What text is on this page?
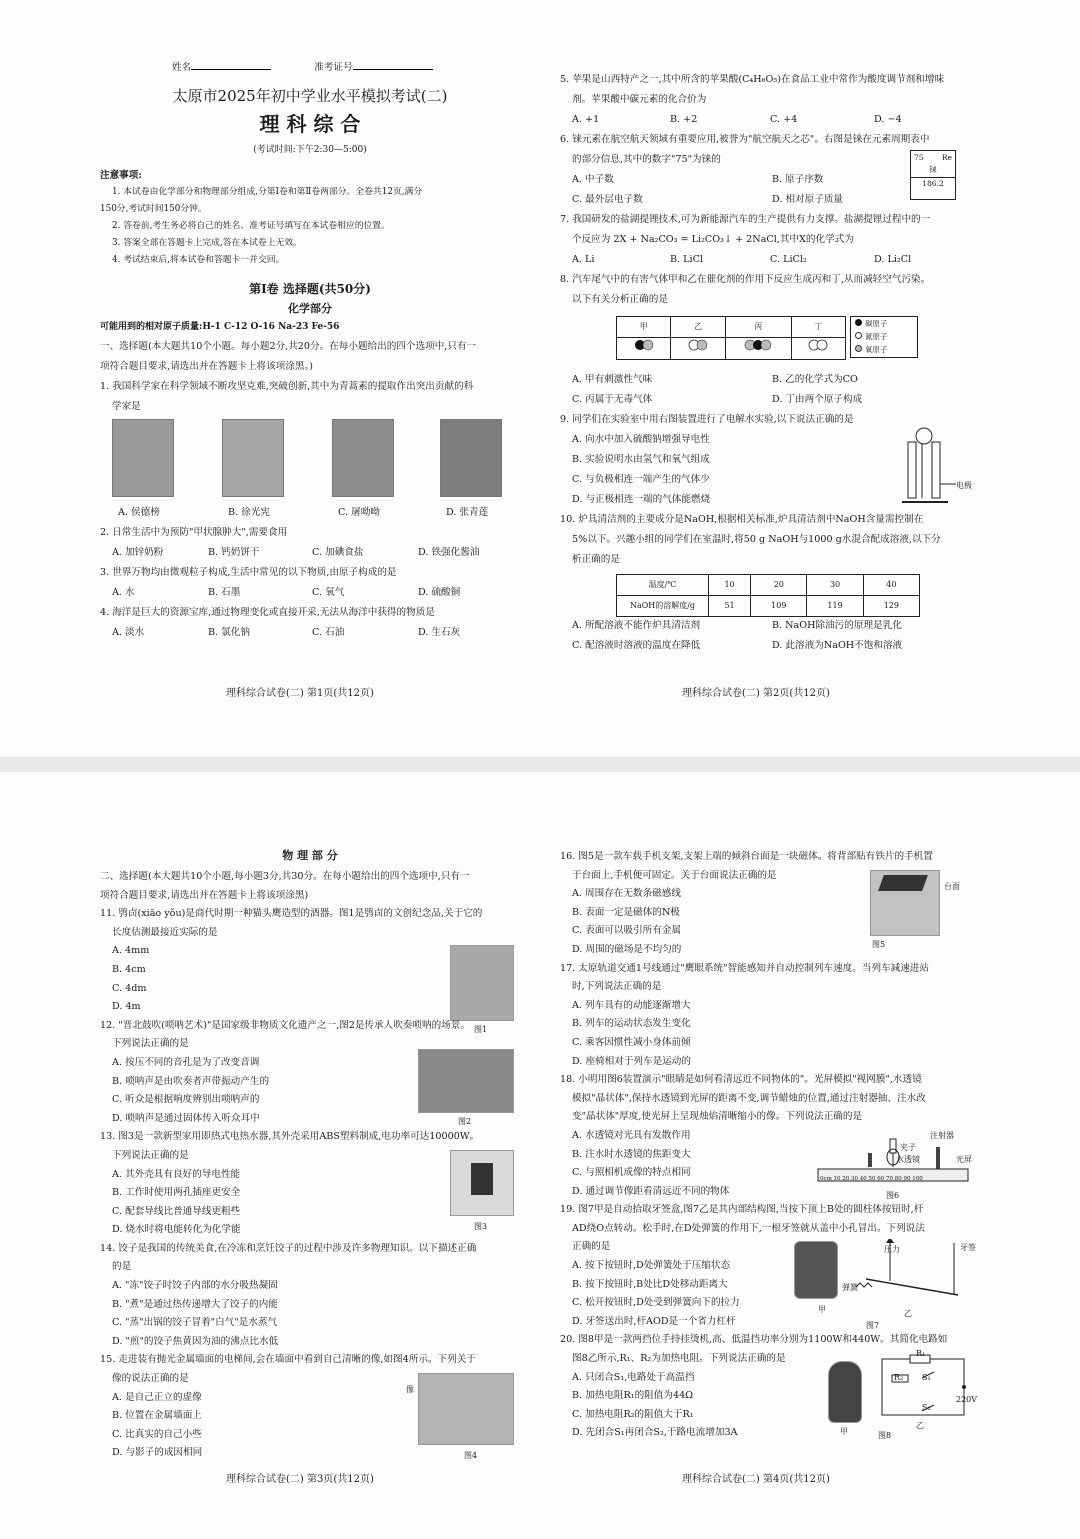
姓名	准考证号
太原市2025年初中学业水平模拟考试(二)
理 科 综 合
(考试时间:下午2:30—5:00)
注意事项:
1. 本试卷由化学部分和物理部分组成,分第Ⅰ卷和第Ⅱ卷两部分。全卷共12页,满分
150分,考试时间150分钟。
2. 答卷前,考生务必将自己的姓名、准考证号填写在本试卷相应的位置。
3. 答案全部在答题卡上完成,答在本试卷上无效。
4. 考试结束后,将本试卷和答题卡一并交回。
第Ⅰ卷 选择题(共50分)
化学部分
可能用到的相对原子质量:H-1 C-12 O-16 Na-23 Fe-56
一、选择题(本大题共10个小题。每小题2分,共20分。在每小题给出的四个选项中,只有一
项符合题目要求,请选出并在答题卡上将该项涂黑。)
1. 我国科学家在科学领域不断攻坚克难,突破创新,其中为青蒿素的提取作出突出贡献的科
学家是
A. 侯德榜	B. 徐光宪	C. 屠呦呦	D. 张青莲
2. 日常生活中为预防"甲状腺肿大",需要食用
A. 加锌奶粉	B. 钙奶饼干	C. 加碘食盐	D. 铁强化酱油
3. 世界万物均由微观粒子构成,生活中常见的以下物质,由原子构成的是
A. 水	B. 石墨	C. 氧气	D. 硫酸铜
4. 海洋是巨大的资源宝库,通过物理变化或直接开采,无法从海洋中获得的物质是
A. 淡水	B. 氯化钠	C. 石油	D. 生石灰
理科综合试卷(二) 第1页(共12页)
5. 苹果是山西特产之一,其中所含的苹果酸(C₄H₆O₅)在食品工业中常作为酸度调节剂和增味
剂。苹果酸中碳元素的化合价为
A. +1	B. +2	C. +4	D. −4
6. 铼元素在航空航天领域有重要应用,被誉为"航空航天之芯"。右图是铼在元素周期表中
的部分信息,其中的数字"75"为铼的
A. 中子数	B. 原子序数
C. 最外层电子数	D. 相对原子质量
75 Re
铼
186.2
7. 我国研发的盐湖提锂技术,可为新能源汽车的生产提供有力支撑。盐湖提锂过程中的一
个反应为 2X + Na₂CO₃ = Li₂CO₃↓ + 2NaCl,其中X的化学式为
A. Li	B. LiCl	C. LiCl₂	D. Li₂Cl
8. 汽车尾气中的有害气体甲和乙在催化剂的作用下反应生成丙和丁,从而减轻空气污染。
以下有关分析正确的是
甲	乙	丙	丁
				碳原子
氮原子
氧原子
A. 甲有刺激性气味	B. 乙的化学式为CO
C. 丙属于无毒气体	D. 丁由两个原子构成
9. 同学们在实验室中用右图装置进行了电解水实验,以下说法正确的是
A. 向水中加入硫酸钠增强导电性
B. 实验说明水由氢气和氧气组成
C. 与负极相连一端产生的气体少
D. 与正极相连一端的气体能燃烧
电极
10. 炉具清洁剂的主要成分是NaOH,根据相关标准,炉具清洁剂中NaOH含量需控制在
5%以下。兴趣小组的同学们在室温时,将50 g NaOH与1000 g水混合配成溶液,以下分
析正确的是
温度/℃	10	20	30	40
NaOH的溶解度/g	51	109	119	129
A. 所配溶液不能作炉具清洁剂	B. NaOH除油污的原理是乳化
C. 配溶液时溶液的温度在降低	D. 此溶液为NaOH不饱和溶液
理科综合试卷(二) 第2页(共12页)
物 理 部 分
二、选择题(本大题共10个小题,每小题3分,共30分。在每小题给出的四个选项中,只有一
项符合题目要求,请选出并在答题卡上将该项涂黑)
11. 鸮卣(xiāo yǒu)是商代时期一种猫头鹰造型的酒器。图1是鸮卣的文创纪念品,关于它的
长度估测最接近实际的是
A. 4mm
B. 4cm
C. 4dm
D. 4m
图1
12. "晋北鼓吹(唢呐艺术)"是国家级非物质文化遗产之一,图2是传承人吹奏唢呐的场景。
下列说法正确的是
A. 按压不同的音孔是为了改变音调
B. 唢呐声是由吹奏者声带振动产生的
C. 听众是根据响度辨别出唢呐声的
D. 唢呐声是通过固体传入听众耳中	图2
13. 图3是一款新型家用即热式电热水器,其外壳采用ABS塑料制成,电功率可达10000W。
下列说法正确的是
A. 其外壳具有良好的导电性能
B. 工作时使用两孔插座更安全
C. 配套导线比普通导线更粗些
D. 烧水时将电能转化为化学能	图3
14. 饺子是我国的传统美食,在冷冻和烹饪饺子的过程中涉及许多物理知识。以下描述正确
的是
A. "冻"饺子时饺子内部的水分吸热凝固
B. "煮"是通过热传递增大了饺子的内能
C. "蒸"出锅的饺子冒着"白气"是水蒸气
D. "煎"的饺子焦黄因为油的沸点比水低
15. 走进装有抛光金属墙面的电梯间,会在墙面中看到自己清晰的像,如图4所示。下列关于
像的说法正确的是
A. 是自己正立的虚像
B. 位置在金属墙面上
C. 比真实的自己小些
D. 与影子的成因相同
像
图4
理科综合试卷(二) 第3页(共12页)
16. 图5是一款车载手机支架,支架上端的倾斜台面是一块磁体。将背部贴有铁片的手机置
于台面上,手机便可固定。关于台面说法正确的是
A. 周围存在无数条磁感线
B. 表面一定是磁体的N极
C. 表面可以吸引所有金属
D. 周围的磁场是不均匀的
台面
图5
17. 太原轨道交通1号线通过"鹰眼系统"智能感知并自动控制列车速度。当列车减速进站
时,下列说法正确的是
A. 列车具有的动能逐渐增大
B. 列车的运动状态发生变化
C. 乘客因惯性减小身体前倾
D. 座椅相对于列车是运动的
18. 小明用图6装置演示"眼睛是如何看清远近不同物体的"。光屏模拟"视网膜",水透镜
模拟"晶状体",保持水透镜到光屏的距离不变,调节蜡烛的位置,通过注射器抽、注水改
变"晶状体"厚度,使光屏上呈现烛焰清晰缩小的像。下列说法正确的是
A. 水透镜对光具有发散作用
B. 注水时水透镜的焦距变大
C. 与照相机成像的特点相同
D. 通过调节像距看清远近不同的物体
注射器
夹子
水透镜	光屏
0cm 10 20 30 40 50 60 70 80 90 100
图6
19. 图7甲是自动拾取牙签盒,图7乙是其内部结构图,当按下顶上B处的圆柱体按钮时,杆
AD绕O点转动。松手时,在D处弹簧的作用下,一根牙签就从盖中小孔冒出。下列说法
正确的是
A. 按下按钮时,D处弹簧处于压缩状态
B. 按下按钮时,B处比D处移动距离大
C. 松开按钮时,D处受到弹簧向下的拉力
D. 牙签送出时,杆AOD是一个省力杠杆
压力	牙签
弹簧
甲	乙
图7
20. 图8甲是一款两挡位手持挂烫机,高、低温挡功率分别为1100W和440W。其简化电路如
图8乙所示,R₁、R₂为加热电阻。下列说法正确的是
A. 只闭合S₁,电路处于高温挡
B. 加热电阻R₁的阻值为44Ω
C. 加热电阻R₂的阻值大于R₁
D. 先闭合S₁再闭合S₂,干路电流增加3A
R₁
R₂ S₁
S₂
220V
甲
乙
图8
理科综合试卷(二) 第4页(共12页)
